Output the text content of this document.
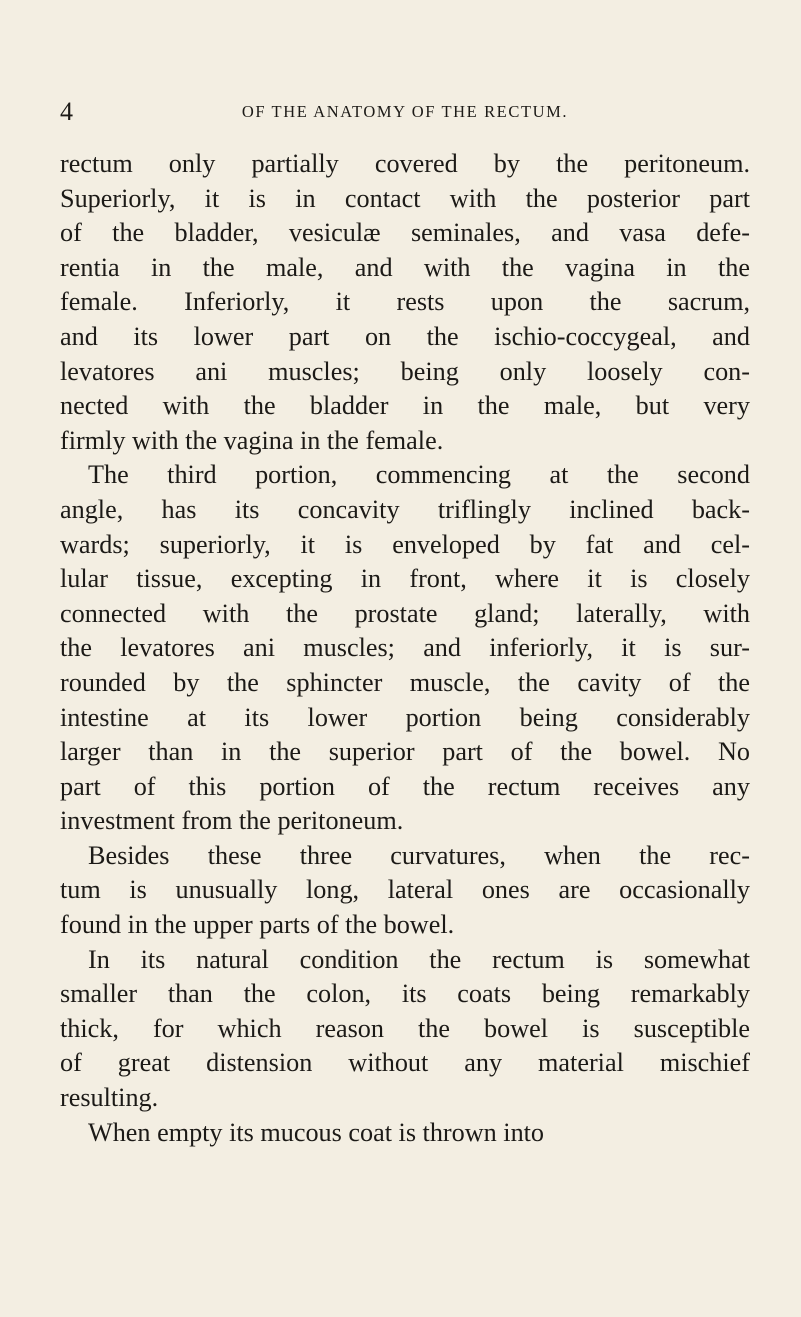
4	OF THE ANATOMY OF THE RECTUM.
rectum only partially covered by the peritoneum.
Superiorly, it is in contact with the posterior part
of the bladder, vesiculæ seminales, and vasa defe-
rentia in the male, and with the vagina in the
female. Inferiorly, it rests upon the sacrum,
and its lower part on the ischio-coccygeal, and
levatores ani muscles; being only loosely con-
nected with the bladder in the male, but very
firmly with the vagina in the female.
The third portion, commencing at the second
angle, has its concavity triflingly inclined back-
wards; superiorly, it is enveloped by fat and cel-
lular tissue, excepting in front, where it is closely
connected with the prostate gland; laterally, with
the levatores ani muscles; and inferiorly, it is sur-
rounded by the sphincter muscle, the cavity of the
intestine at its lower portion being considerably
larger than in the superior part of the bowel. No
part of this portion of the rectum receives any
investment from the peritoneum.
Besides these three curvatures, when the rec-
tum is unusually long, lateral ones are occasionally
found in the upper parts of the bowel.
In its natural condition the rectum is somewhat
smaller than the colon, its coats being remarkably
thick, for which reason the bowel is susceptible
of great distension without any material mischief
resulting.
When empty its mucous coat is thrown into
